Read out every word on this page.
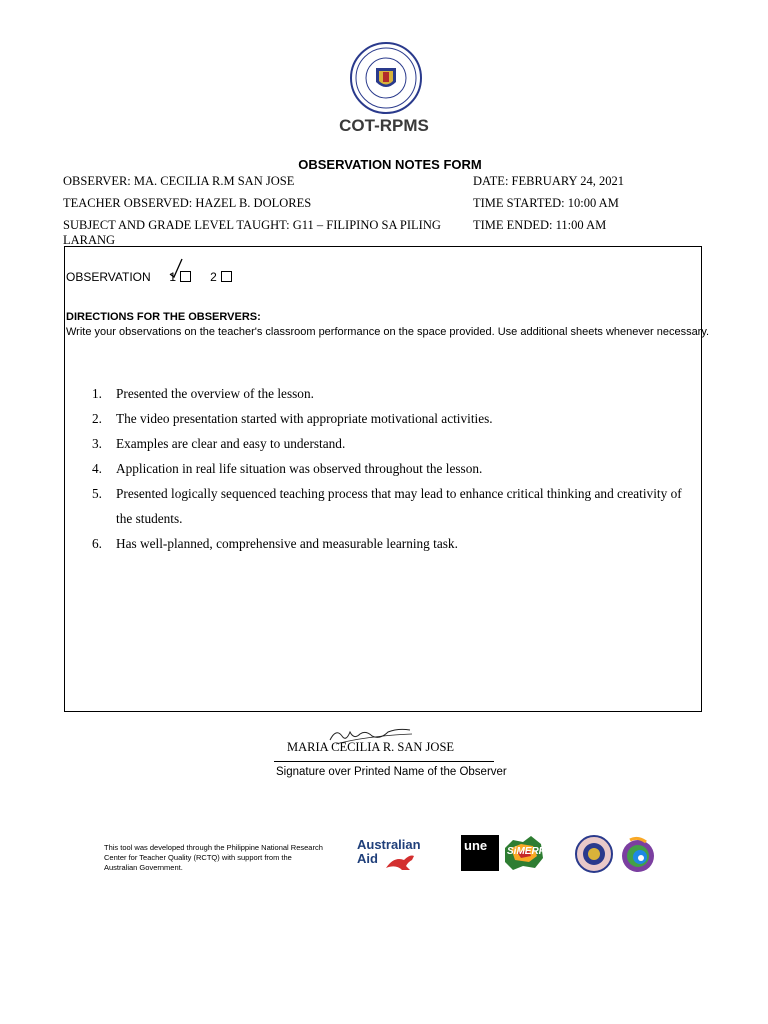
COT-RPMS
OBSERVATION NOTES FORM
OBSERVER: MA. CECILIA R.M SAN JOSE	DATE: FEBRUARY 24, 2021
TEACHER OBSERVED: HAZEL B. DOLORES	TIME STARTED: 10:00 AM
SUBJECT AND GRADE LEVEL TAUGHT: G11 – FILIPINO SA PILING LARANG
TIME ENDED: 11:00 AM
OBSERVATION 1	2
DIRECTIONS FOR THE OBSERVERS:
Write your observations on the teacher's classroom performance on the space provided. Use additional sheets whenever necessary.
1. Presented the overview of the lesson.
2. The video presentation started with appropriate motivational activities.
3. Examples are clear and easy to understand.
4. Application in real life situation was observed throughout the lesson.
5. Presented logically sequenced teaching process that may lead to enhance critical thinking and creativity of the students.
6. Has well-planned, comprehensive and measurable learning task.
MARIA CECILIA R. SAN JOSE
Signature over Printed Name of the Observer
This tool was developed through the Philippine National Research Center for Teacher Quality (RCTQ) with support from the Australian Government.
Australian
Aid
une SiMERR
